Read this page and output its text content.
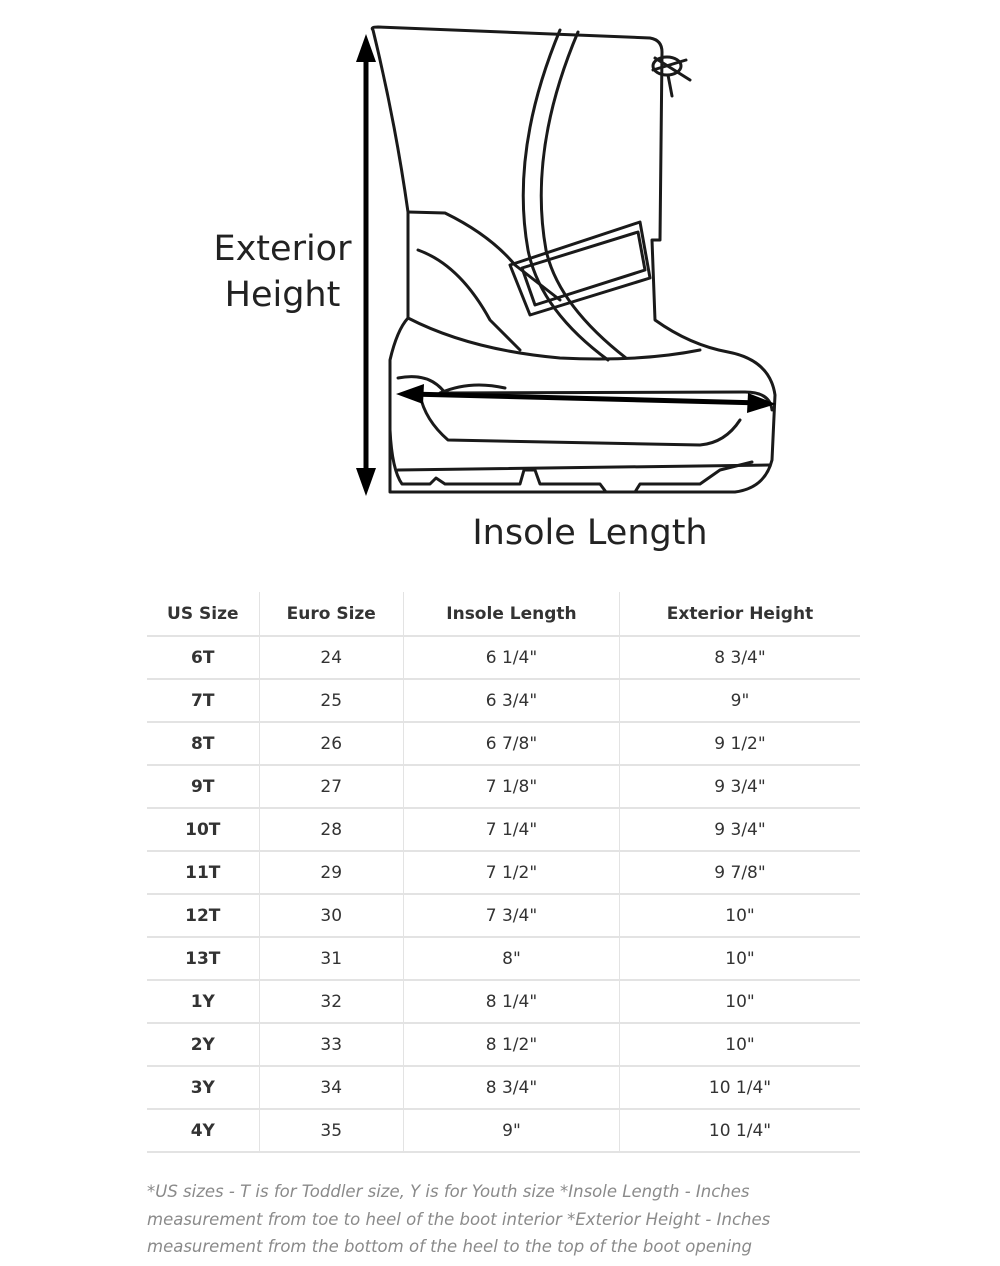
Exterior
Height
Insole Length
US Size	Euro Size	Insole Length	Exterior Height
6T	24	6 1/4"	8 3/4"
7T	25	6 3/4"	9"
8T	26	6 7/8"	9 1/2"
9T	27	7 1/8"	9 3/4"
10T	28	7 1/4"	9 3/4"
11T	29	7 1/2"	9 7/8"
12T	30	7 3/4"	10"
13T	31	8"	10"
1Y	32	8 1/4"	10"
2Y	33	8 1/2"	10"
3Y	34	8 3/4"	10 1/4"
4Y	35	9"	10 1/4"

*US sizes - T is for Toddler size, Y is for Youth size *Insole Length - Inches measurement from toe to heel of the boot interior *Exterior Height - Inches measurement from the bottom of the heel to the top of the boot opening
